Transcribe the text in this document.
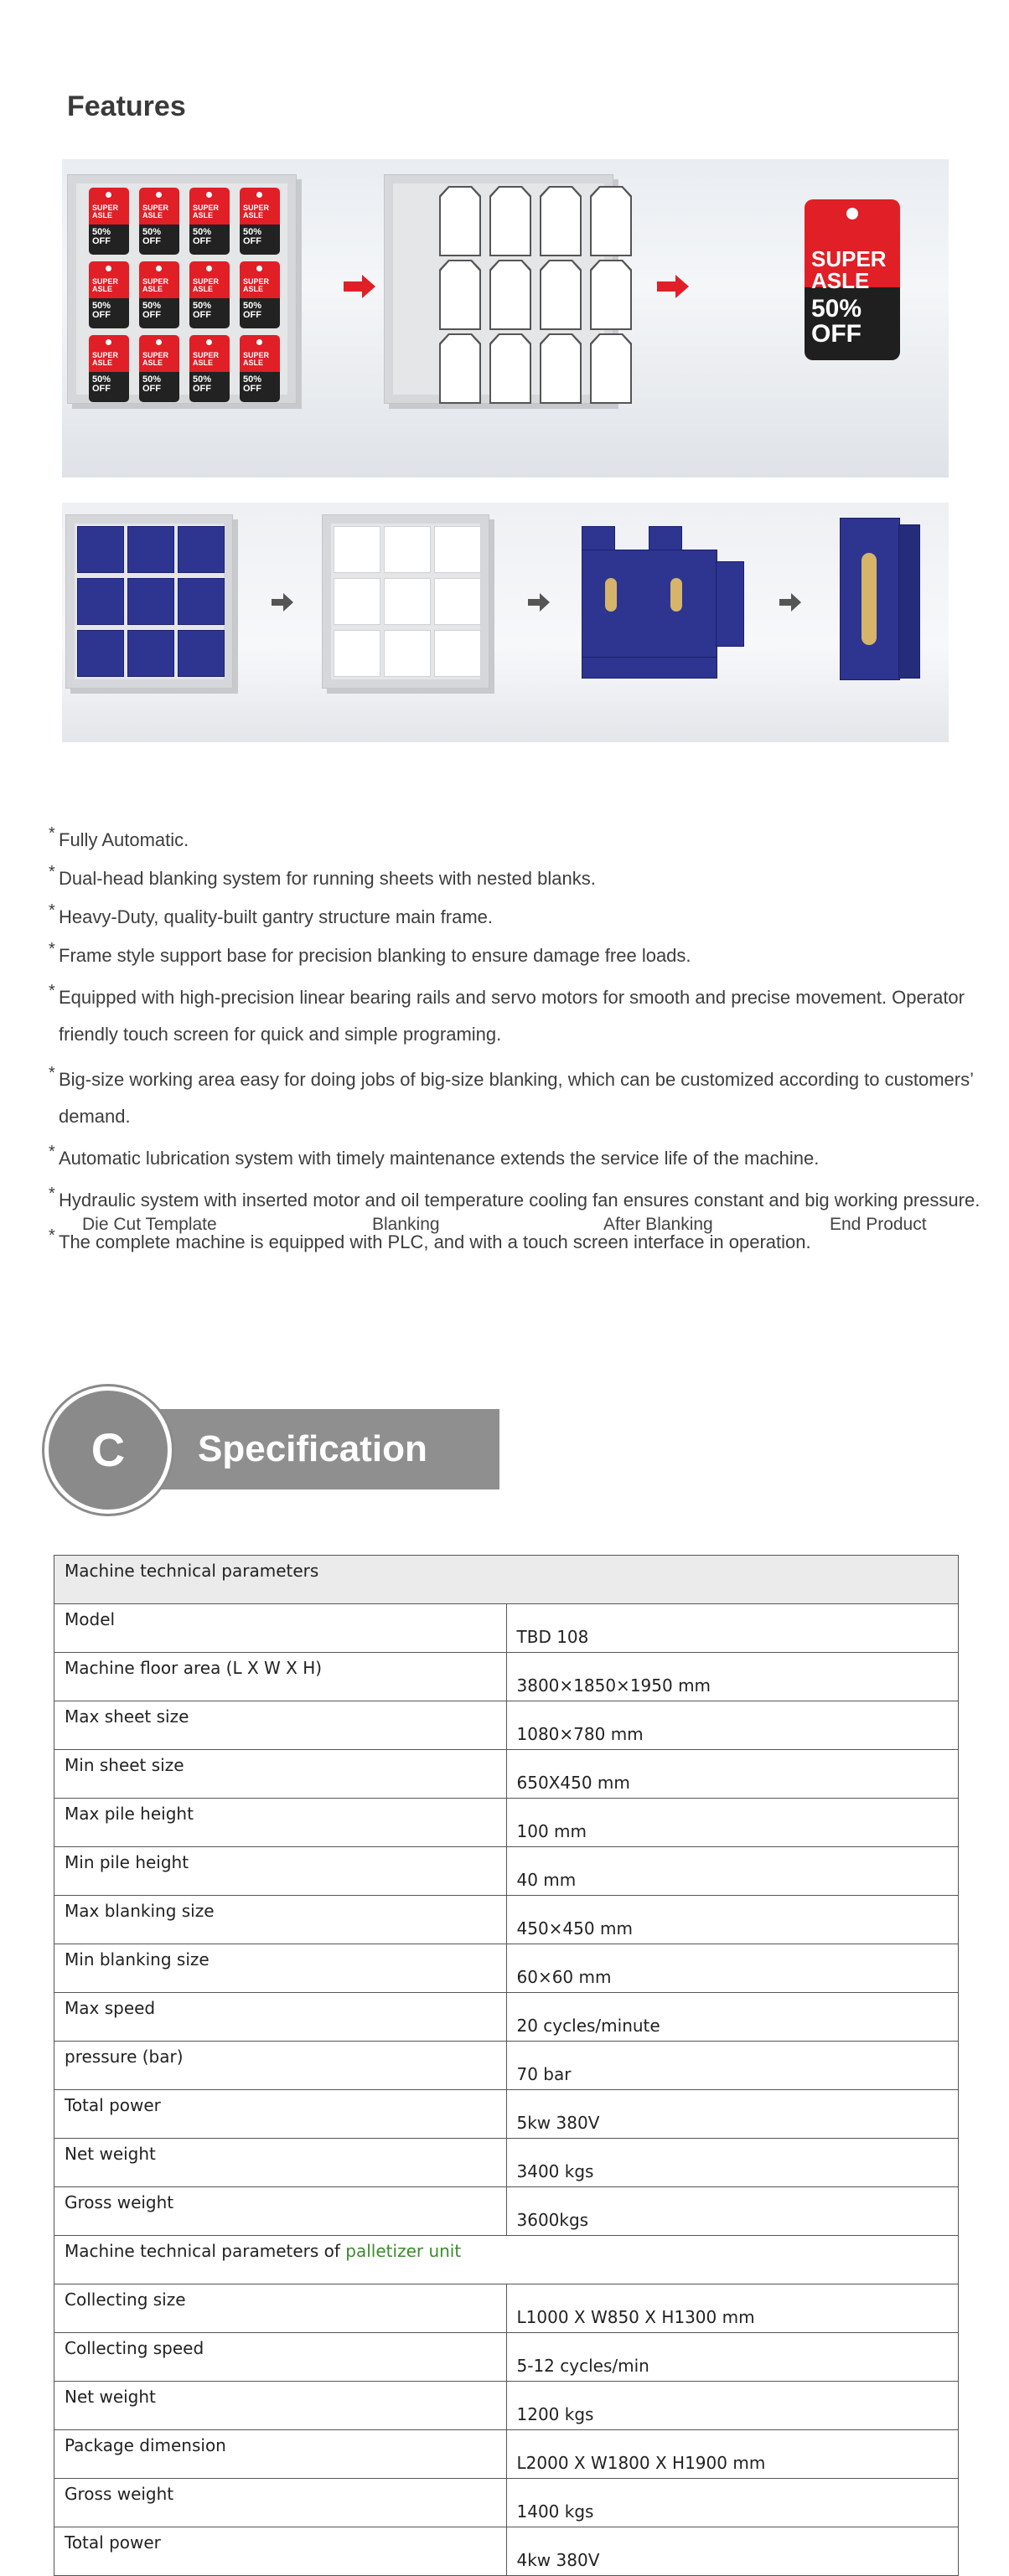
Features
SUPER
ASLE
50%
OFF
SUPER
ASLE
50%
OFF
SUPER
ASLE
50%
OFF
SUPER
ASLE
50%
OFF
SUPER
ASLE
50%
OFF
SUPER
ASLE
50%
OFF
SUPER
ASLE
50%
OFF
SUPER
ASLE
50%
OFF
SUPER
ASLE
50%
OFF
SUPER
ASLE
50%
OFF
SUPER
ASLE
50%
OFF
SUPER
ASLE
50%
OFF
SUPER
ASLE
50%
OFF
Die Cut Template	Blanking	After Blanking	End Product
* Fully Automatic.
* Dual-head blanking system for running sheets with nested blanks.
* Heavy-Duty, quality-built gantry structure main frame.
* Frame style support base for precision blanking to ensure damage free loads.
* Equipped with high-precision linear bearing rails and servo motors for smooth and precise movement. Operator friendly touch screen for quick and simple programing.
* Big-size working area easy for doing jobs of big-size blanking, which can be customized according to customers’ demand.
* Automatic lubrication system with timely maintenance extends the service life of the machine.
* Hydraulic system with inserted motor and oil temperature cooling fan ensures constant and big working pressure.
* The complete machine is equipped with PLC, and with a touch screen interface in operation.
Specification
C
Machine technical parameters	
Model	TBD 108
Machine floor area (L X W X H)	3800×1850×1950 mm
Max sheet size	1080×780 mm
Min sheet size	650X450 mm
Max pile height	100 mm
Min pile height	40 mm
Max blanking size	450×450 mm
Min blanking size	60×60 mm
Max speed	20 cycles/minute
pressure (bar)	70 bar
Total power	5kw 380V
Net weight	3400 kgs
Gross weight	3600kgs
Machine technical parameters of palletizer unit	
Collecting size	L1000 X W850 X H1300 mm
Collecting speed	5-12 cycles/min
Net weight	1200 kgs
Package dimension	L2000 X W1800 X H1900 mm
Gross weight	1400 kgs
Total power	4kw 380V
